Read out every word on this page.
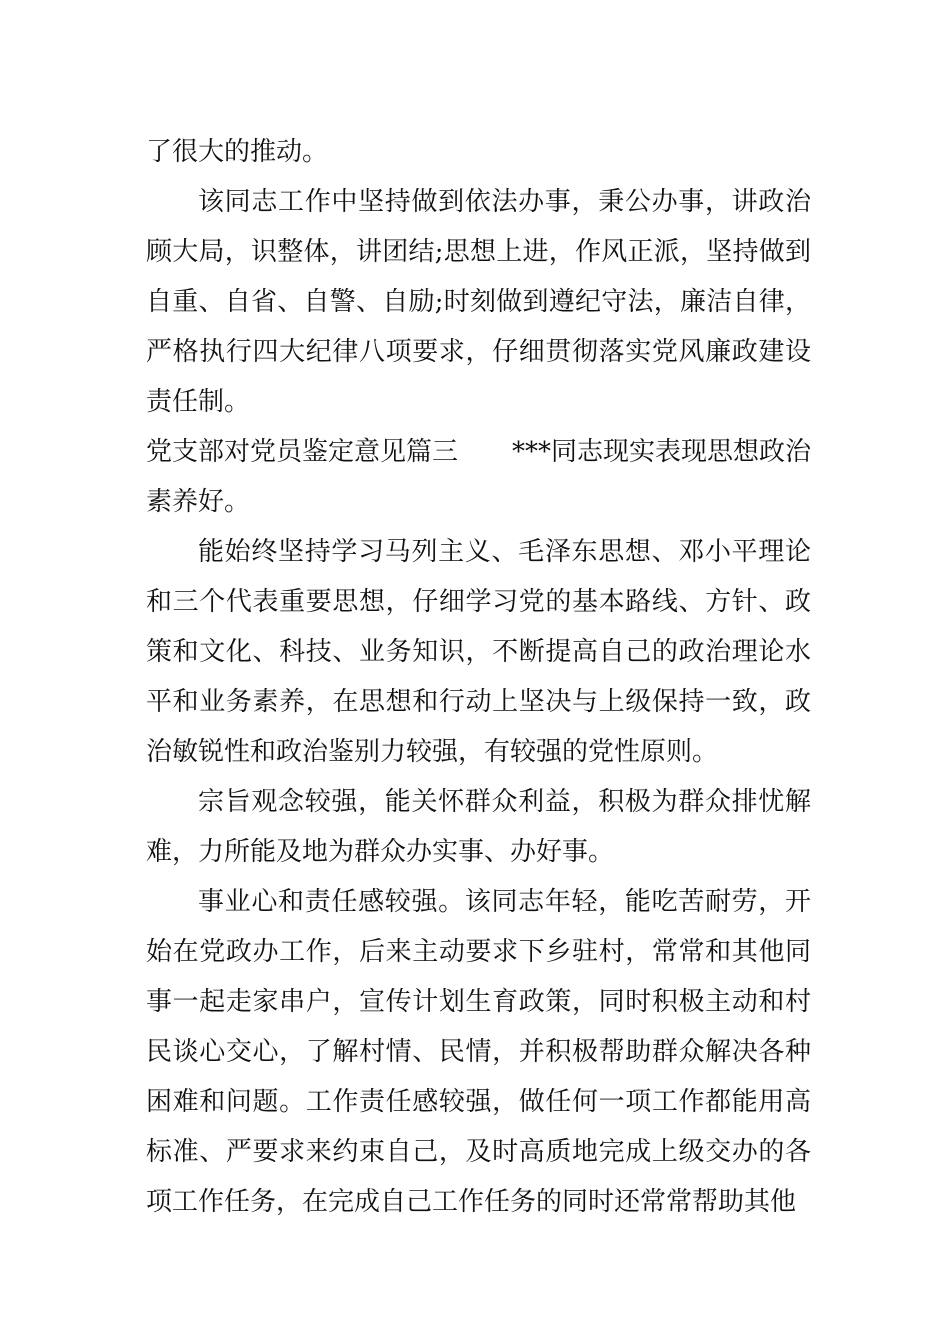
了很大的推动。

该同志工作中坚持做到依法办事，秉公办事，讲政治顾大局，识整体，讲团结;思想上进，作风正派，坚持做到自重、自省、自警、自励;时刻做到遵纪守法，廉洁自律，严格执行四大纪律八项要求，仔细贯彻落实党风廉政建设责任制。

党支部对党员鉴定意见篇三 ***同志现实表现思想政治

素养好。

能始终坚持学习马列主义、毛泽东思想、邓小平理论和三个代表重要思想，仔细学习党的基本路线、方针、政策和文化、科技、业务知识，不断提高自己的政治理论水平和业务素养，在思想和行动上坚决与上级保持一致，政治敏锐性和政治鉴别力较强，有较强的党性原则。

宗旨观念较强，能关怀群众利益，积极为群众排忧解难，力所能及地为群众办实事、办好事。

事业心和责任感较强。该同志年轻，能吃苦耐劳，开始在党政办工作，后来主动要求下乡驻村，常常和其他同事一起走家串户，宣传计划生育政策，同时积极主动和村民谈心交心，了解村情、民情，并积极帮助群众解决各种困难和问题。工作责任感较强，做任何一项工作都能用高标准、严要求来约束自己，及时高质地完成上级交办的各项工作任务，在完成自己工作任务的同时还常常帮助其他
